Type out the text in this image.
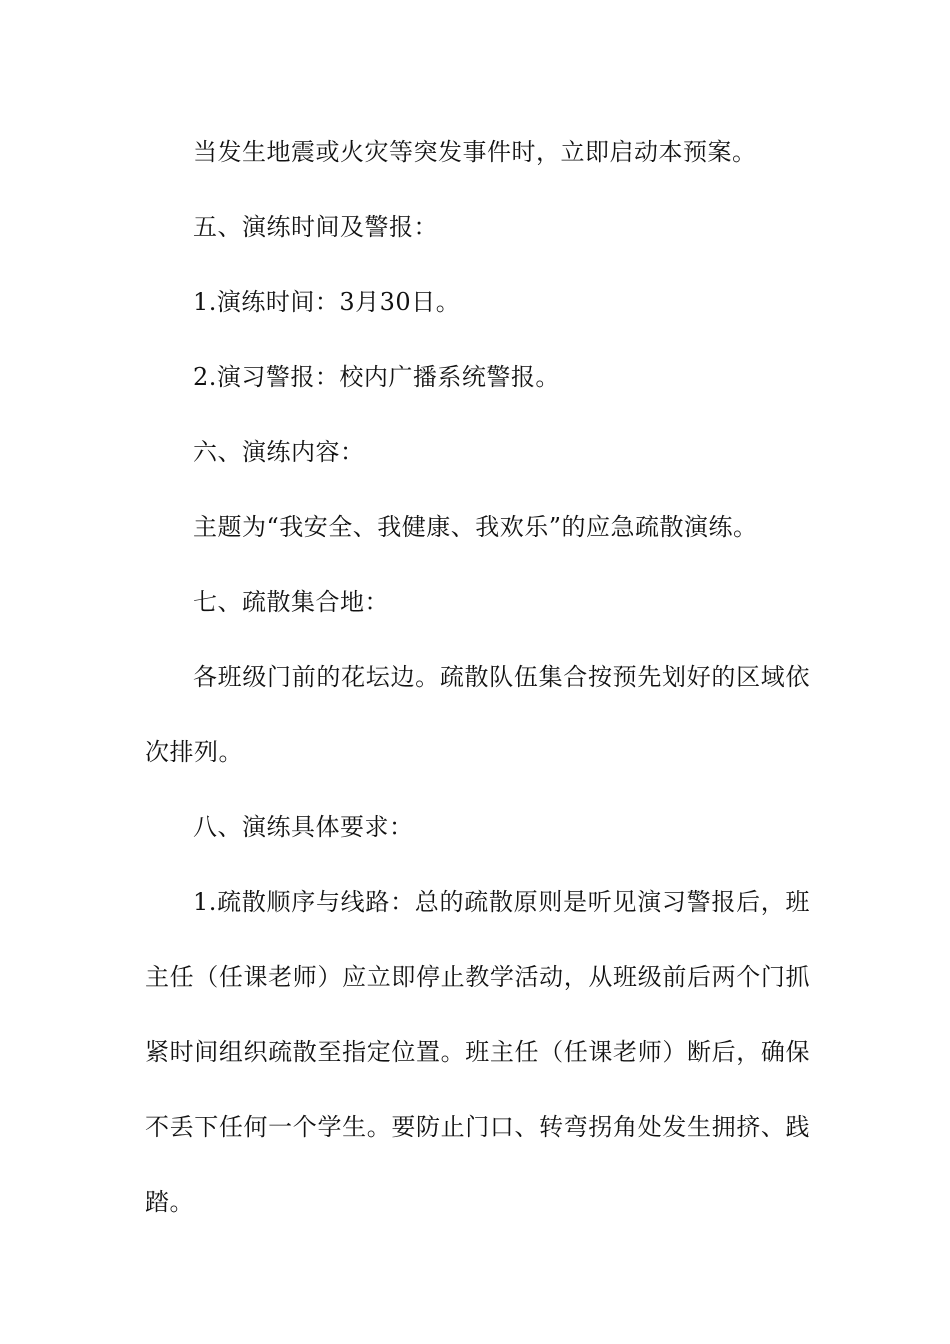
当发生地震或火灾等突发事件时，立即启动本预案。
五、演练时间及警报：
1.演练时间：3月30日。
2.演习警报：校内广播系统警报。
六、演练内容：
主题为“我安全、我健康、我欢乐”的应急疏散演练。
七、疏散集合地：
各班级门前的花坛边。疏散队伍集合按预先划好的区域依
次排列。
八、演练具体要求：
1.疏散顺序与线路：总的疏散原则是听见演习警报后，班
主任（任课老师）应立即停止教学活动，从班级前后两个门抓
紧时间组织疏散至指定位置。班主任（任课老师）断后，确保
不丢下任何一个学生。要防止门口、转弯拐角处发生拥挤、践
踏。
